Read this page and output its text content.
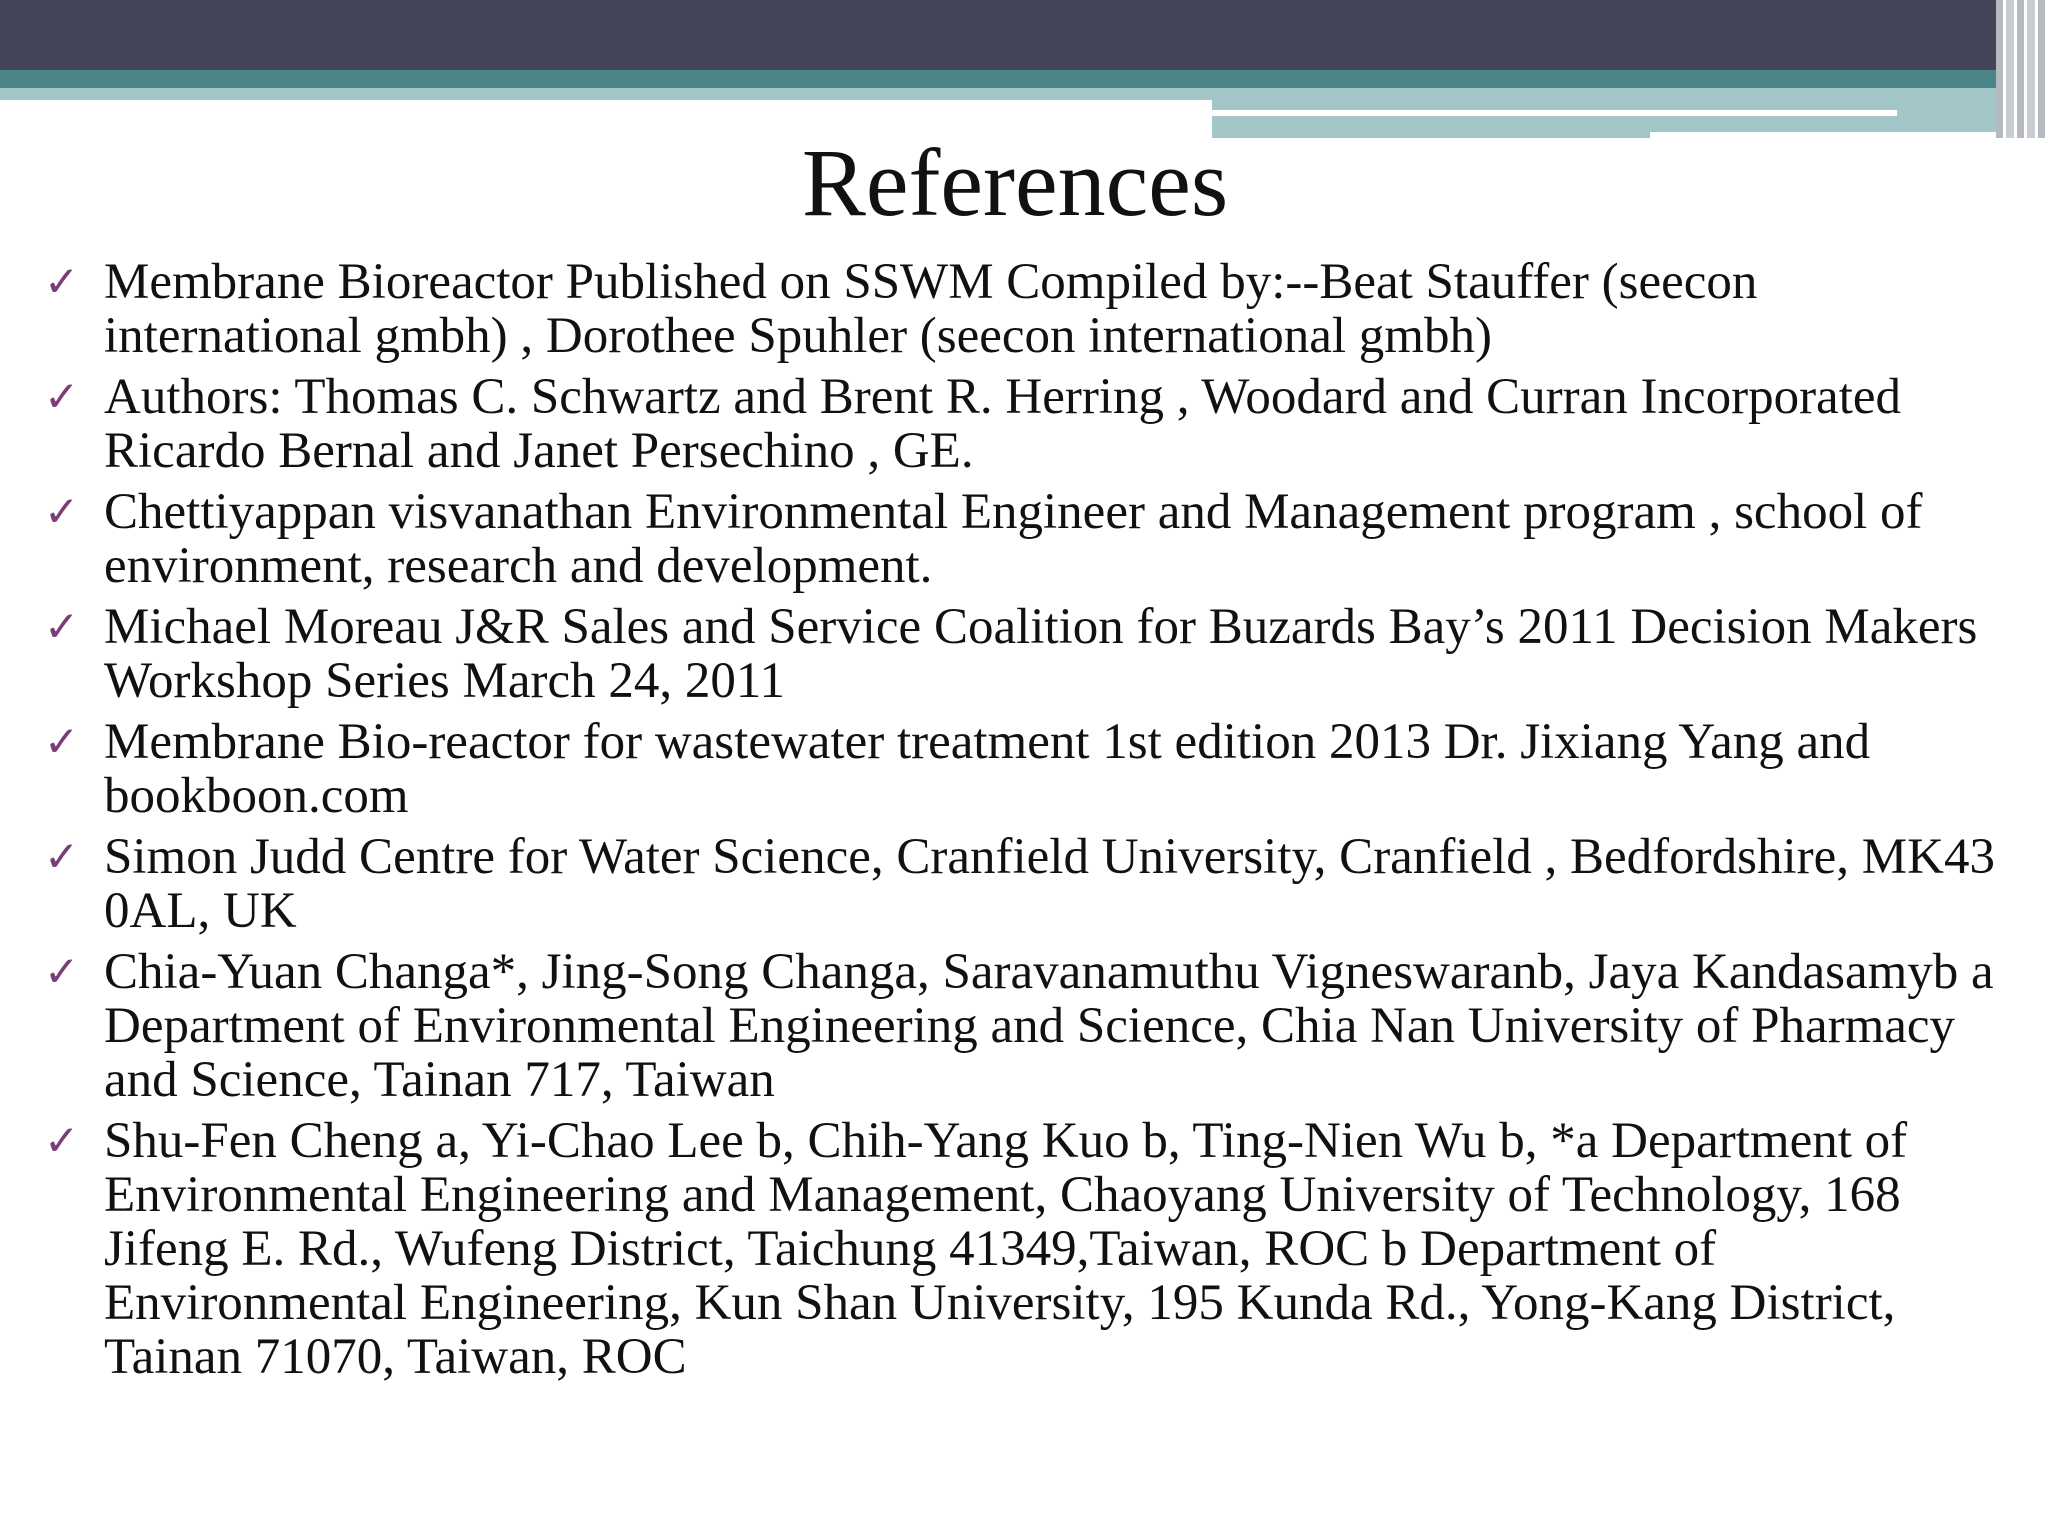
References
✓ Membrane Bioreactor Published on SSWM Compiled by:--Beat Stauffer (seecon international gmbh) , Dorothee Spuhler (seecon international gmbh)
✓ Authors: Thomas C. Schwartz and Brent R. Herring , Woodard and Curran Incorporated Ricardo Bernal and Janet Persechino , GE.
✓ Chettiyappan visvanathan Environmental Engineer and Management program , school of environment, research and development.
✓ Michael Moreau J&R Sales and Service Coalition for Buzards Bay’s 2011 Decision Makers Workshop Series March 24, 2011
✓ Membrane Bio-reactor for wastewater treatment 1st edition 2013 Dr. Jixiang Yang and bookboon.com
✓ Simon Judd Centre for Water Science, Cranfield University, Cranfield , Bedfordshire, MK43 0AL, UK
✓ Chia-Yuan Changa*, Jing-Song Changa, Saravanamuthu Vigneswaranb, Jaya Kandasamyb a Department of Environmental Engineering and Science, Chia Nan University of Pharmacy and Science, Tainan 717, Taiwan
✓ Shu-Fen Cheng a, Yi-Chao Lee b, Chih-Yang Kuo b, Ting-Nien Wu b, *a Department of Environmental Engineering and Management, Chaoyang University of Technology, 168 Jifeng E. Rd., Wufeng District, Taichung 41349,Taiwan, ROC b Department of Environmental Engineering, Kun Shan University, 195 Kunda Rd., Yong-Kang District, Tainan 71070, Taiwan, ROC
